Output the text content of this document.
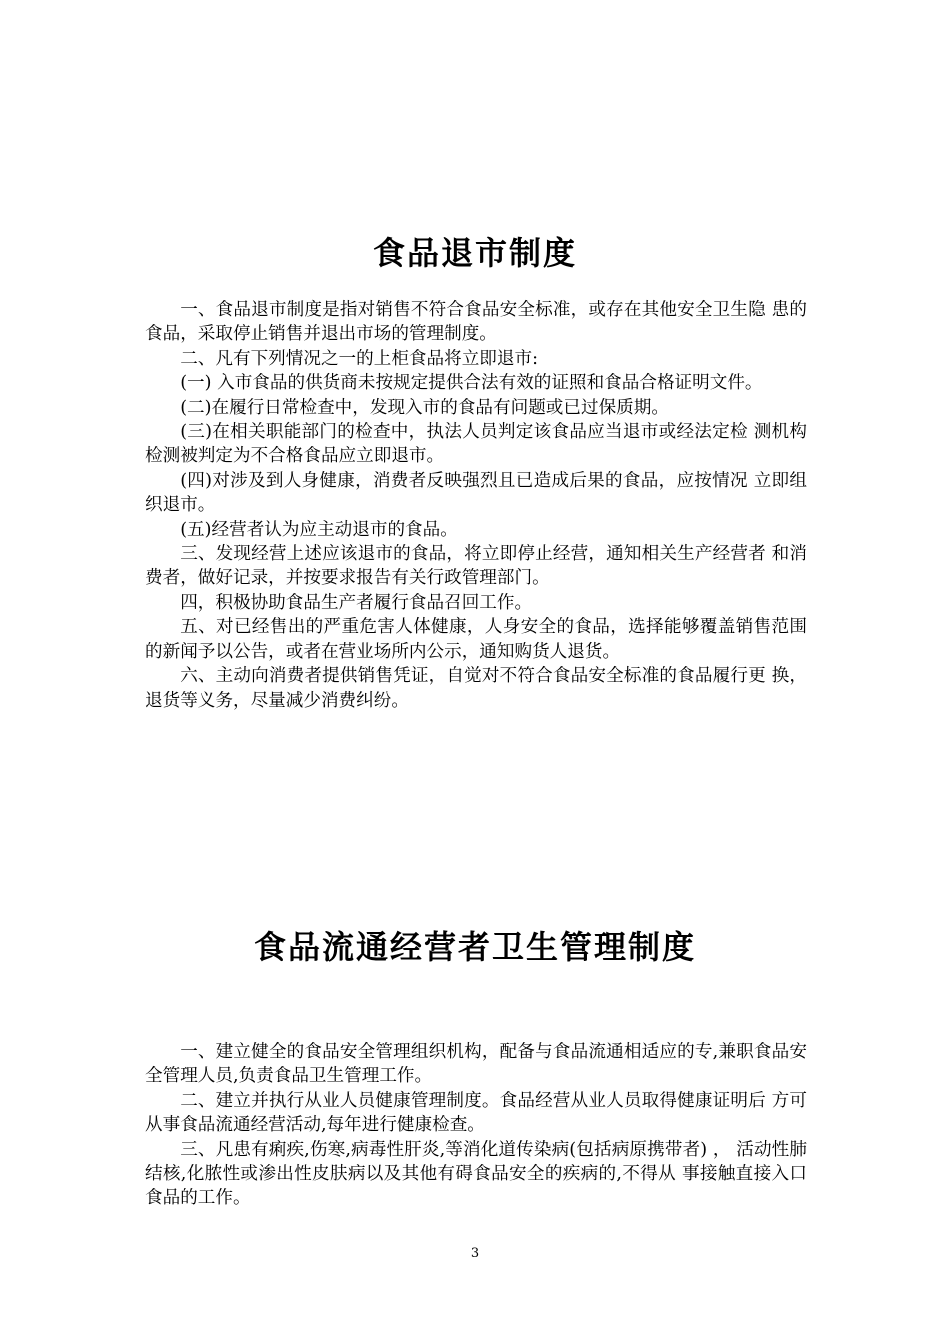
食品退市制度

一、食品退市制度是指对销售不符合食品安全标准，或存在其他安全卫生隐 患的食品，采取停止销售并退出市场的管理制度。

二、凡有下列情况之一的上柜食品将立即退市:

(一) 入市食品的供货商未按规定提供合法有效的证照和食品合格证明文件。

(二)在履行日常检查中，发现入市的食品有问题或已过保质期。

(三)在相关职能部门的检查中，执法人员判定该食品应当退市或经法定检 测机构检测被判定为不合格食品应立即退市。

(四)对涉及到人身健康，消费者反映强烈且已造成后果的食品，应按情况 立即组织退市。

(五)经营者认为应主动退市的食品。

三、发现经营上述应该退市的食品，将立即停止经营，通知相关生产经营者 和消费者，做好记录，并按要求报告有关行政管理部门。

四，积极协助食品生产者履行食品召回工作。

五、对已经售出的严重危害人体健康，人身安全的食品，选择能够覆盖销售范围的新闻予以公告，或者在营业场所内公示，通知购货人退货。

六、主动向消费者提供销售凭证，自觉对不符合食品安全标准的食品履行更 换，退货等义务，尽量减少消费纠纷。

食品流通经营者卫生管理制度

一、建立健全的食品安全管理组织机构，配备与食品流通相适应的专,兼职食品安全管理人员,负责食品卫生管理工作。

二、建立并执行从业人员健康管理制度。食品经营从业人员取得健康证明后 方可从事食品流通经营活动,每年进行健康检查。

三、凡患有痢疾,伤寒,病毒性肝炎,等消化道传染病(包括病原携带者) ， 活动性肺结核,化脓性或渗出性皮肤病以及其他有碍食品安全的疾病的,不得从 事接触直接入口食品的工作。

3
